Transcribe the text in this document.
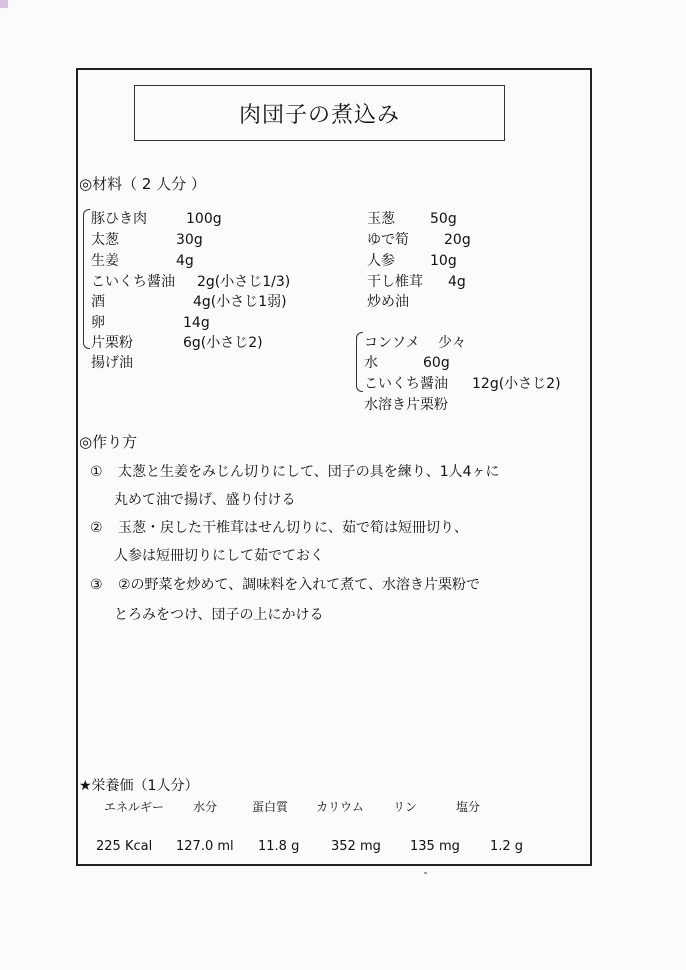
肉団子の煮込み
◎材料（ 2 人分 ）
豚ひき肉	100g
太葱	30g
生姜	4g
こいくち醤油 2g(小さじ1/3)
酒	4g(小さじ1弱)
卵	14g
片栗粉	6g(小さじ2)
揚げ油
玉葱	50g
ゆで筍	20g
人参	10g
干し椎茸 4g
炒め油
コンソメ 少々
水	60g
こいくち醤油 12g(小さじ2)
水溶き片栗粉
◎作り方
① 太葱と生姜をみじん切りにして、団子の具を練り、1人4ヶに
丸めて油で揚げ、盛り付ける
② 玉葱・戻した干椎茸はせん切りに、茹で筍は短冊切り、
人参は短冊切りにして茹でておく
③ ②の野菜を炒めて、調味料を入れて煮て、水溶き片栗粉で
とろみをつけ、団子の上にかける
★栄養価（1人分）
エネルギー 水分	蛋白質 カリウム リン	塩分
225 Kcal 127.0 ml 11.8 g 352 mg 135 mg 1.2 g
